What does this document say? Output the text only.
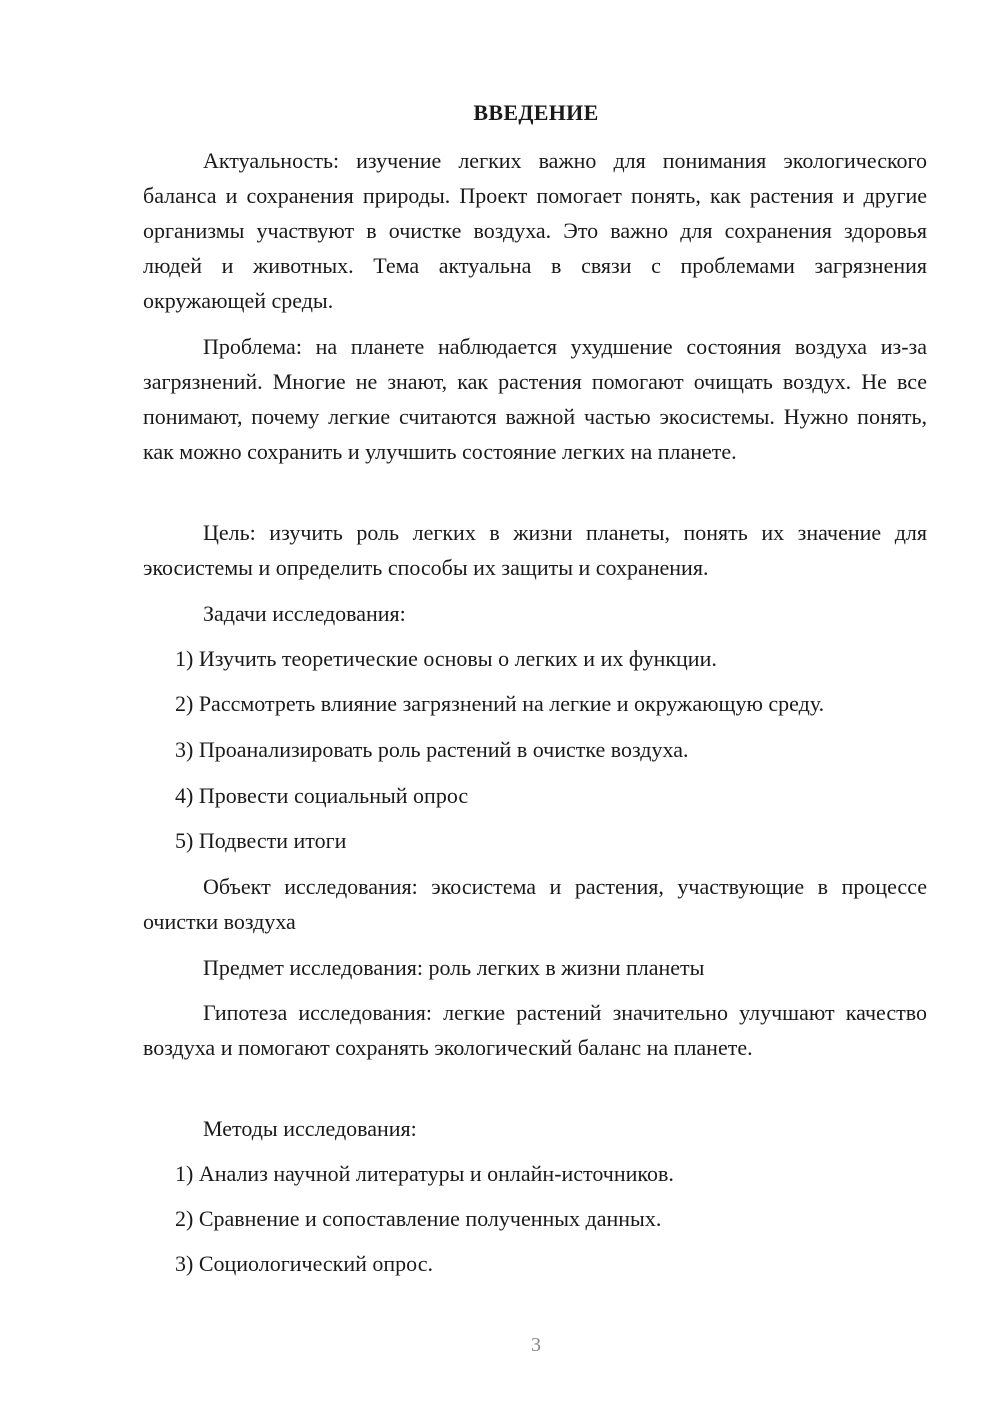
ВВЕДЕНИЕ

Актуальность: изучение легких важно для понимания экологического баланса и сохранения природы. Проект помогает понять, как растения и другие организмы участвуют в очистке воздуха. Это важно для сохранения здоровья людей и животных. Тема актуальна в связи с проблемами загрязнения окружающей среды.

Проблема: на планете наблюдается ухудшение состояния воздуха из-за загрязнений. Многие не знают, как растения помогают очищать воздух. Не все понимают, почему легкие считаются важной частью экосистемы. Нужно понять, как можно сохранить и улучшить состояние легких на планете.

Цель: изучить роль легких в жизни планеты, понять их значение для экосистемы и определить способы их защиты и сохранения.

Задачи исследования:

1) Изучить теоретические основы о легких и их функции.

2) Рассмотреть влияние загрязнений на легкие и окружающую среду.

3) Проанализировать роль растений в очистке воздуха.

4) Провести социальный опрос

5) Подвести итоги

Объект исследования: экосистема и растения, участвующие в процессе очистки воздуха

Предмет исследования: роль легких в жизни планеты

Гипотеза исследования: легкие растений значительно улучшают качество воздуха и помогают сохранять экологический баланс на планете.

Методы исследования:

1) Анализ научной литературы и онлайн-источников.

2) Сравнение и сопоставление полученных данных.

3) Социологический опрос.

3
